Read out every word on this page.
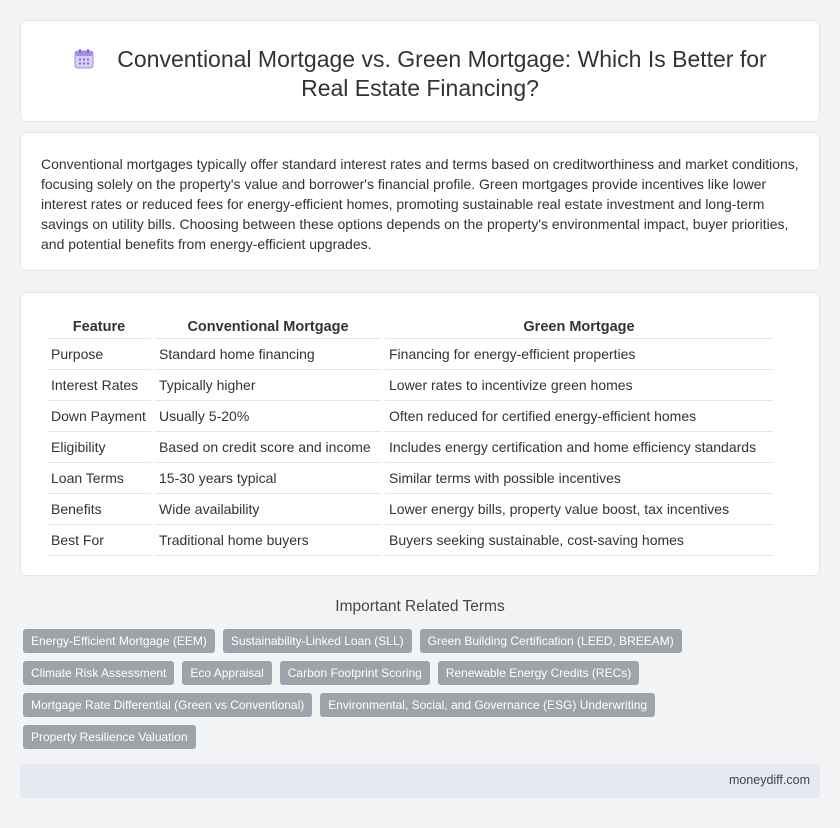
Conventional Mortgage vs. Green Mortgage: Which Is Better for Real Estate Financing?

Conventional mortgages typically offer standard interest rates and terms based on creditworthiness and market conditions, focusing solely on the property's value and borrower's financial profile. Green mortgages provide incentives like lower interest rates or reduced fees for energy-efficient homes, promoting sustainable real estate investment and long-term savings on utility bills. Choosing between these options depends on the property's environmental impact, buyer priorities, and potential benefits from energy-efficient upgrades.

Feature	Conventional Mortgage	Green Mortgage
Purpose	Standard home financing	Financing for energy-efficient properties
Interest Rates	Typically higher	Lower rates to incentivize green homes
Down Payment	Usually 5-20%	Often reduced for certified energy-efficient homes
Eligibility	Based on credit score and income	Includes energy certification and home efficiency standards
Loan Terms	15-30 years typical	Similar terms with possible incentives
Benefits	Wide availability	Lower energy bills, property value boost, tax incentives
Best For	Traditional home buyers	Buyers seeking sustainable, cost-saving homes
Important Related Terms
Energy-Efficient Mortgage (EEM)	Sustainability-Linked Loan (SLL)	Green Building Certification (LEED, BREEAM)
Climate Risk Assessment	Eco Appraisal	Carbon Footprint Scoring	Renewable Energy Credits (RECs)
Mortgage Rate Differential (Green vs Conventional)	Environmental, Social, and Governance (ESG) Underwriting
Property Resilience Valuation
moneydiff.com
